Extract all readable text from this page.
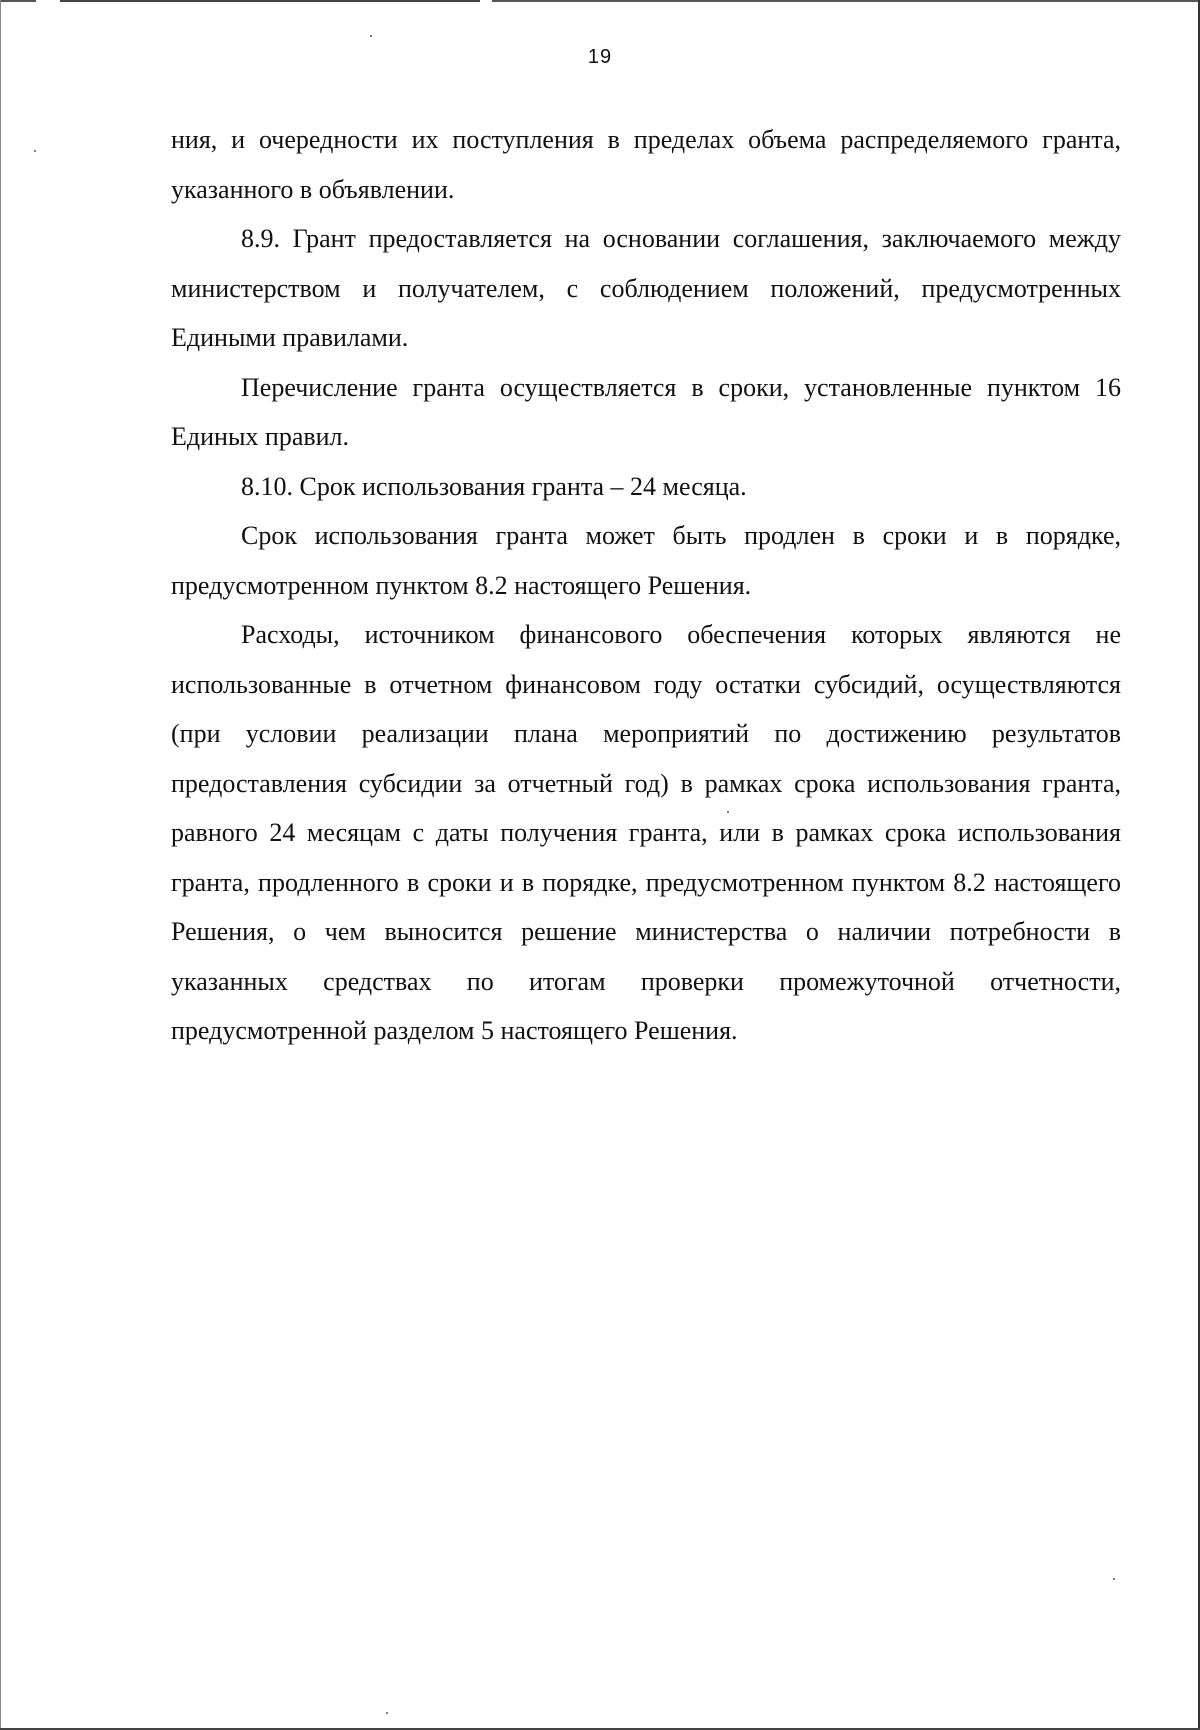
19

ния, и очередности их поступления в пределах объема распределяемого гранта, указанного в объявлении.

8.9. Грант предоставляется на основании соглашения, заключаемого между министерством и получателем, с соблюдением положений, предусмотренных Едиными правилами.

Перечисление гранта осуществляется в сроки, установленные пунктом 16 Единых правил.

8.10. Срок использования гранта – 24 месяца.

Срок использования гранта может быть продлен в сроки и в порядке, предусмотренном пунктом 8.2 настоящего Решения.

Расходы, источником финансового обеспечения которых являются не использованные в отчетном финансовом году остатки субсидий, осуществляются (при условии реализации плана мероприятий по достижению результатов предоставления субсидии за отчетный год) в рамках срока использования гранта, равного 24 месяцам с даты получения гранта, или в рамках срока использования гранта, продленного в сроки и в порядке, предусмотренном пунктом 8.2 настоящего Решения, о чем выносится решение министерства о наличии потребности в указанных средствах по итогам проверки промежуточной отчетности, предусмотренной разделом 5 настоящего Решения.
